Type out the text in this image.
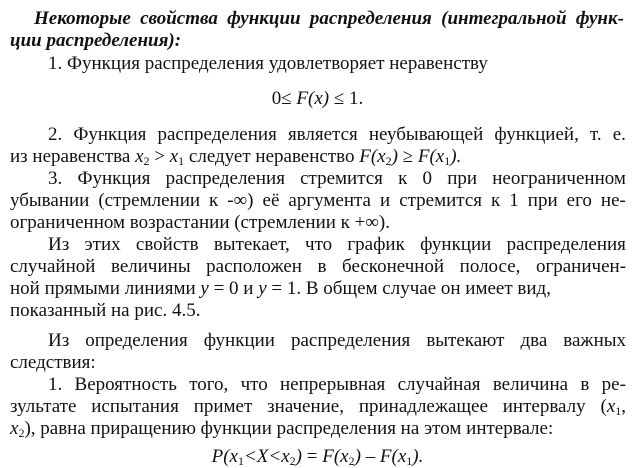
Некоторые свойства функции распределения (интегральной функ-
ции распределения):
1. Функция распределения удовлетворяет неравенству
0≤ F(x) ≤ 1.
2. Функция распределения является неубывающей функцией, т. е.
из неравенства $x_2 > x_1$ следует неравенство $F(x_2) \ge F(x_1)$.
3. Функция распределения стремится к 0 при неограниченном
убывании (стремлении к -∞) её аргумента и стремится к 1 при его не-
ограниченном возрастании (стремлении к +∞).
Из этих свойств вытекает, что график функции распределения
случайной величины расположен в бесконечной полосе, ограничен-
ной прямыми линиями y = 0 и y = 1. В общем случае он имеет вид,
показанный на рис. 4.5.
Из определения функции распределения вытекают два важных
следствия:
1. Вероятность того, что непрерывная случайная величина в ре-
зультате испытания примет значение, принадлежащее интервалу ($x_1$,
$x_2$), равна приращению функции распределения на этом интервале:
$P(x_1<X<x_2) = F(x_2) - F(x_1)$.
